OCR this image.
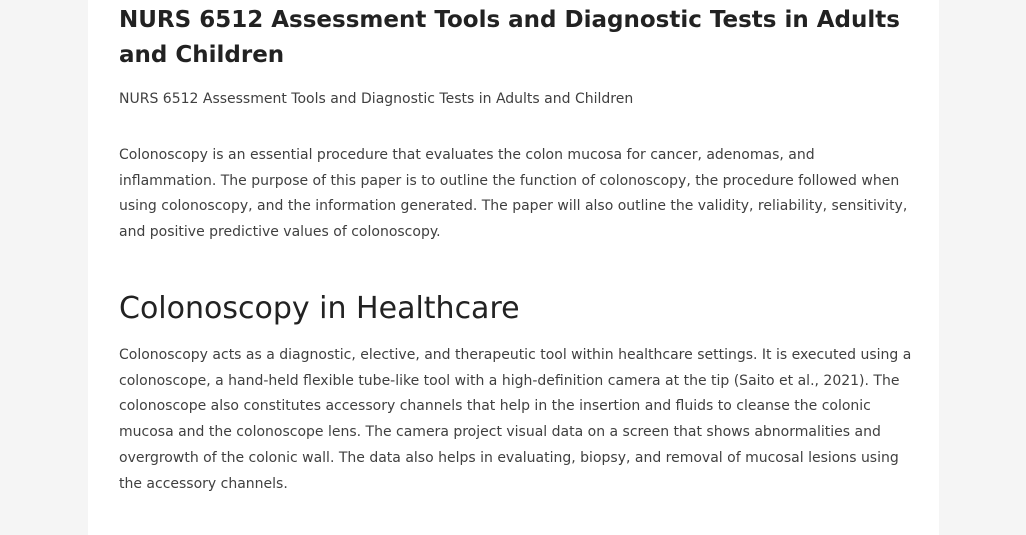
NURS 6512 Assessment Tools and Diagnostic Tests in Adults and Children

NURS 6512 Assessment Tools and Diagnostic Tests in Adults and Children

Colonoscopy is an essential procedure that evaluates the colon mucosa for cancer, adenomas, and inflammation. The purpose of this paper is to outline the function of colonoscopy, the procedure followed when using colonoscopy, and the information generated. The paper will also outline the validity, reliability, sensitivity, and positive predictive values of colonoscopy.

Colonoscopy in Healthcare

Colonoscopy acts as a diagnostic, elective, and therapeutic tool within healthcare settings. It is executed using a colonoscope, a hand-held flexible tube-like tool with a high-definition camera at the tip (Saito et al., 2021). The colonoscope also constitutes accessory channels that help in the insertion and fluids to cleanse the colonic mucosa and the colonoscope lens. The camera project visual data on a screen that shows abnormalities and overgrowth of the colonic wall. The data also helps in evaluating, biopsy, and removal of mucosal lesions using the accessory channels.
